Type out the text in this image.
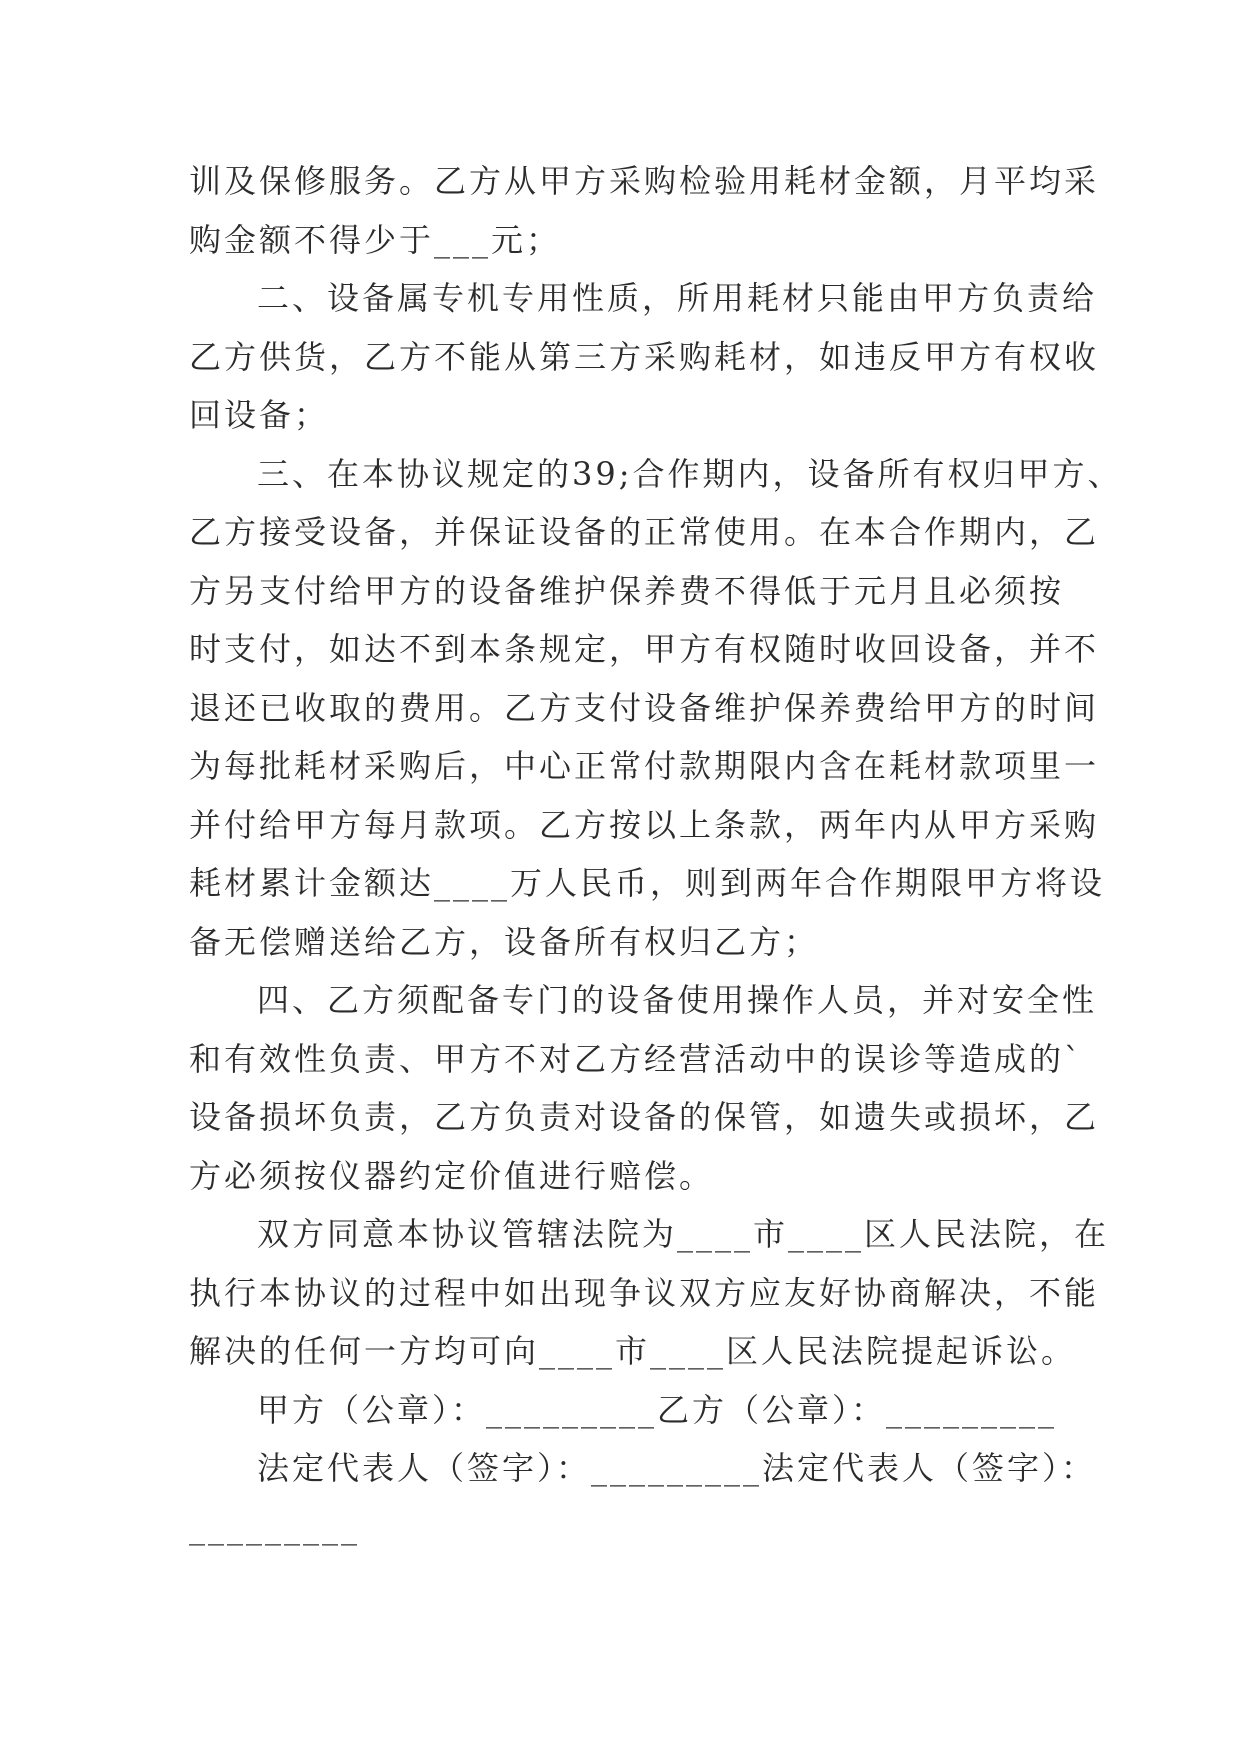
训及保修服务。乙方从甲方采购检验用耗材金额，月平均采
购金额不得少于___元；
二、设备属专机专用性质，所用耗材只能由甲方负责给
乙方供货，乙方不能从第三方采购耗材，如违反甲方有权收
回设备；
三、在本协议规定的39;合作期内，设备所有权归甲方、
乙方接受设备，并保证设备的正常使用。在本合作期内，乙
方另支付给甲方的设备维护保养费不得低于元月且必须按
时支付，如达不到本条规定，甲方有权随时收回设备，并不
退还已收取的费用。乙方支付设备维护保养费给甲方的时间
为每批耗材采购后，中心正常付款期限内含在耗材款项里一
并付给甲方每月款项。乙方按以上条款，两年内从甲方采购
耗材累计金额达____万人民币，则到两年合作期限甲方将设
备无偿赠送给乙方，设备所有权归乙方；
四、乙方须配备专门的设备使用操作人员，并对安全性
和有效性负责、甲方不对乙方经营活动中的误诊等造成的`
设备损坏负责，乙方负责对设备的保管，如遗失或损坏，乙
方必须按仪器约定价值进行赔偿。
双方同意本协议管辖法院为____市____区人民法院，在
执行本协议的过程中如出现争议双方应友好协商解决，不能
解决的任何一方均可向____市____区人民法院提起诉讼。
甲方（公章）：_________乙方（公章）：_________
法定代表人（签字）：_________法定代表人（签字）：
_________
